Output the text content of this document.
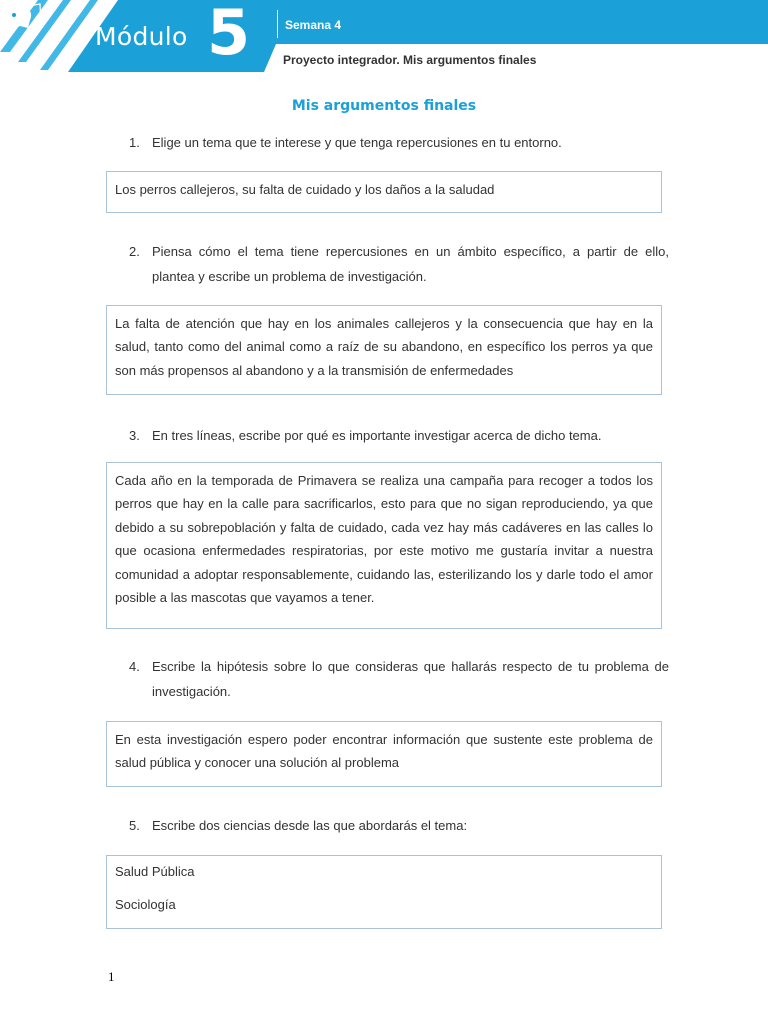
Módulo 5	Semana 4
Proyecto integrador. Mis argumentos finales
Mis argumentos finales
1. Elige un tema que te interese y que tenga repercusiones en tu entorno.

Los perros callejeros, su falta de cuidado y los daños a la saludad

2. Piensa cómo el tema tiene repercusiones en un ámbito específico, a partir de ello, plantea y escribe un problema de investigación.

La falta de atención que hay en los animales callejeros y la consecuencia que hay en la salud, tanto como del animal como a raíz de su abandono, en específico los perros ya que son más propensos al abandono y a la transmisión de enfermedades

3. En tres líneas, escribe por qué es importante investigar acerca de dicho tema.

Cada año en la temporada de Primavera se realiza una campaña para recoger a todos los perros que hay en la calle para sacrificarlos, esto para que no sigan reproduciendo, ya que debido a su sobrepoblación y falta de cuidado, cada vez hay más cadáveres en las calles lo que ocasiona enfermedades respiratorias, por este motivo me gustaría invitar a nuestra comunidad a adoptar responsablemente, cuidando las, esterilizando los y darle todo el amor posible a las mascotas que vayamos a tener.

4. Escribe la hipótesis sobre lo que consideras que hallarás respecto de tu problema de investigación.

En esta investigación espero poder encontrar información que sustente este problema de salud pública y conocer una solución al problema

5. Escribe dos ciencias desde las que abordarás el tema:

Salud Pública

Sociología

1
